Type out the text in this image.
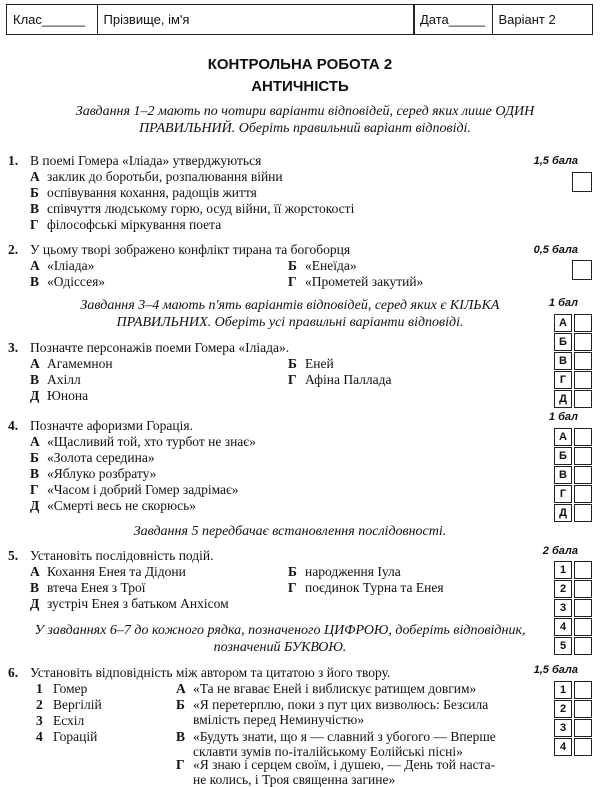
Клас______	Прізвище, ім'я	Дата_____	Варіант 2
КОНТРОЛЬНА РОБОТА 2
АНТИЧНІСТЬ
Завдання 1–2 мають по чотири варіанти відповідей, серед яких лише ОДИН
ПРАВИЛЬНИЙ. Оберіть правильний варіант відповіді.
1. В поемі Гомера «Іліада» утверджуються	1,5 бала
А заклик до боротьби, розпалювання війни
Б оспівування кохання, радощів життя
В співчуття людському горю, осуд війни, її жорстокості
Г філософські міркування поета
2. У цьому творі зображено конфлікт тирана та богоборця	0,5 бала
А «Іліада»	Б «Енеїда»
В «Одіссея»	Г «Прометей закутий»
Завдання 3–4 мають п'ять варіантів відповідей, серед яких є КІЛЬКА
ПРАВИЛЬНИХ. Оберіть усі правильні варіанти відповіді.
1 бал
3. Позначте персонажів поеми Гомера «Іліада».
А Агамемнон	Б Еней
В Ахілл	Г Афіна Паллада
Д Юнона
А
Б
В
Г
Д
1 бал
4. Позначте афоризми Горація.
А «Щасливий той, хто турбот не знає»
Б «Золота середина»
В «Яблуко розбрату»
Г «Часом і добрий Гомер задрімає»
Д «Смерті весь не скорюсь»
А
Б
В
Г
Д
Завдання 5 передбачає встановлення послідовності.
2 бала
5. Установіть послідовність подій.
А Кохання Енея та Дідони	Б народження Іула
В втеча Енея з Трої	Г поєдинок Турна та Енея
Д зустріч Енея з батьком Анхісом
1
2
3
4
5
У завданнях 6–7 до кожного рядка, позначеного ЦИФРОЮ, доберіть відповідник,
позначений БУКВОЮ.
1,5 бала
6. Установіть відповідність між автором та цитатою з його твору.
1 Гомер
2 Вергілій
3 Есхіл
4 Горацій
А «Та не вгаває Еней і виблискує ратищем довгим»
Б «Я перетерплю, поки з пут цих визволюсь: Безсила
вміліcть перед Неминучістю»
В «Будуть знати, що я — славний з убогого — Вперше
склавти зумів по-італійському Еолійські пісні»
Г «Я знаю і серцем своїм, і душею, — День той наста-
не колись, і Троя священна загине»
1
2
3
4
